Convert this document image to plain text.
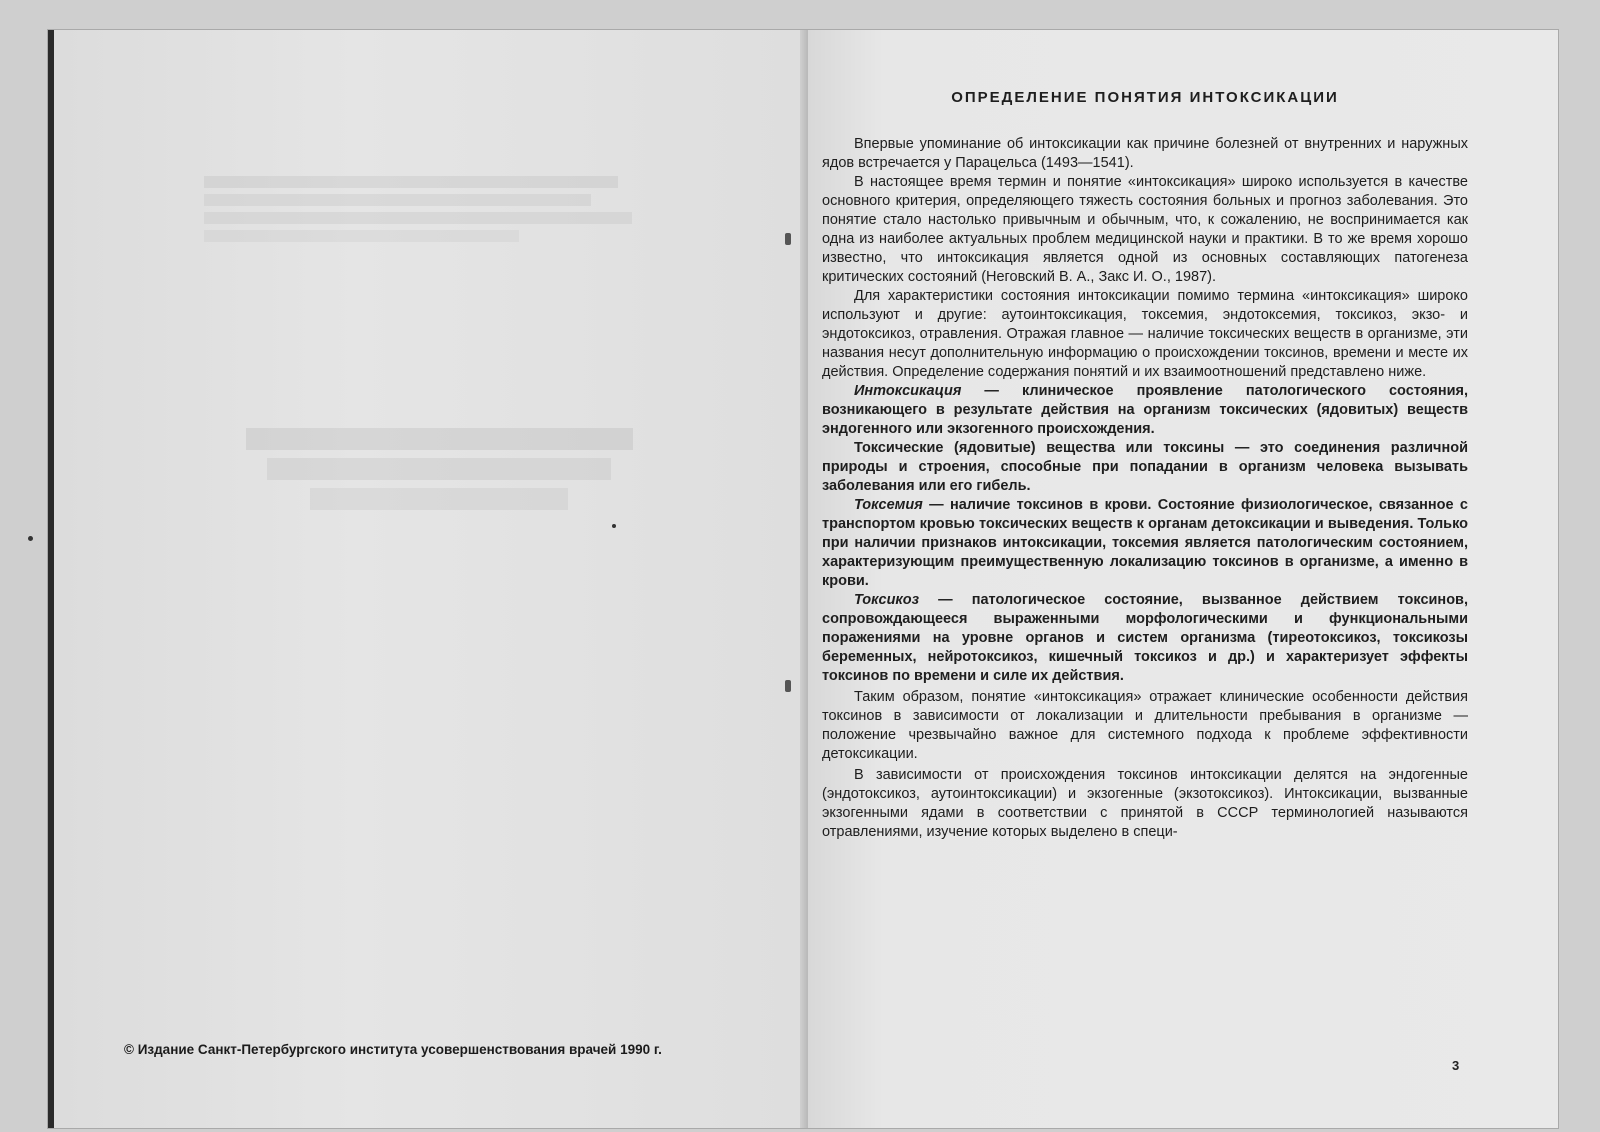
© Издание Санкт-Петербургского института усовершенствования врачей 1990 г.
ОПРЕДЕЛЕНИЕ ПОНЯТИЯ ИНТОКСИКАЦИИ

Впервые упоминание об интоксикации как причине болезней от внутренних и наружных ядов встречается у Парацельса (1493—1541).

В настоящее время термин и понятие «интоксикация» широко используется в качестве основного критерия, определяющего тяжесть состояния больных и прогноз заболевания. Это понятие стало настолько привычным и обычным, что, к сожалению, не воспринимается как одна из наиболее актуальных проблем медицинской науки и практики. В то же время хорошо известно, что интоксикация является одной из основных составляющих патогенеза критических состояний (Неговский В. А., Закс И. О., 1987).

Для характеристики состояния интоксикации помимо термина «интоксикация» широко используют и другие: аутоинтоксикация, токсемия, эндотоксемия, токсикоз, экзо- и эндотоксикоз, отравления. Отражая главное — наличие токсических веществ в организме, эти названия несут дополнительную информацию о происхождении токсинов, времени и месте их действия. Определение содержания понятий и их взаимоотношений представлено ниже.

Интоксикация — клиническое проявление патологического состояния, возникающего в результате действия на организм токсических (ядовитых) веществ эндогенного или экзогенного происхождения.

Токсические (ядовитые) вещества или токсины — это соединения различной природы и строения, способные при попадании в организм человека вызывать заболевания или его гибель.

Токсемия — наличие токсинов в крови. Состояние физиологическое, связанное с транспортом кровью токсических веществ к органам детоксикации и выведения. Только при наличии признаков интоксикации, токсемия является патологическим состоянием, характеризующим преимущественную локализацию токсинов в организме, а именно в крови.

Токсикоз — патологическое состояние, вызванное действием токсинов, сопровождающееся выраженными морфологическими и функциональными поражениями на уровне органов и систем организма (тиреотоксикоз, токсикозы беременных, нейротоксикоз, кишечный токсикоз и др.) и характеризует эффекты токсинов по времени и силе их действия.

Таким образом, понятие «интоксикация» отражает клинические особенности действия токсинов в зависимости от локализации и длительности пребывания в организме — положение чрезвычайно важное для системного подхода к проблеме эффективности детоксикации.

В зависимости от происхождения токсинов интоксикации делятся на эндогенные (эндотоксикоз, аутоинтоксикации) и экзогенные (экзотоксикоз). Интоксикации, вызванные экзогенными ядами в соответствии с принятой в СССР терминологией называются отравлениями, изучение которых выделено в специ-

3
